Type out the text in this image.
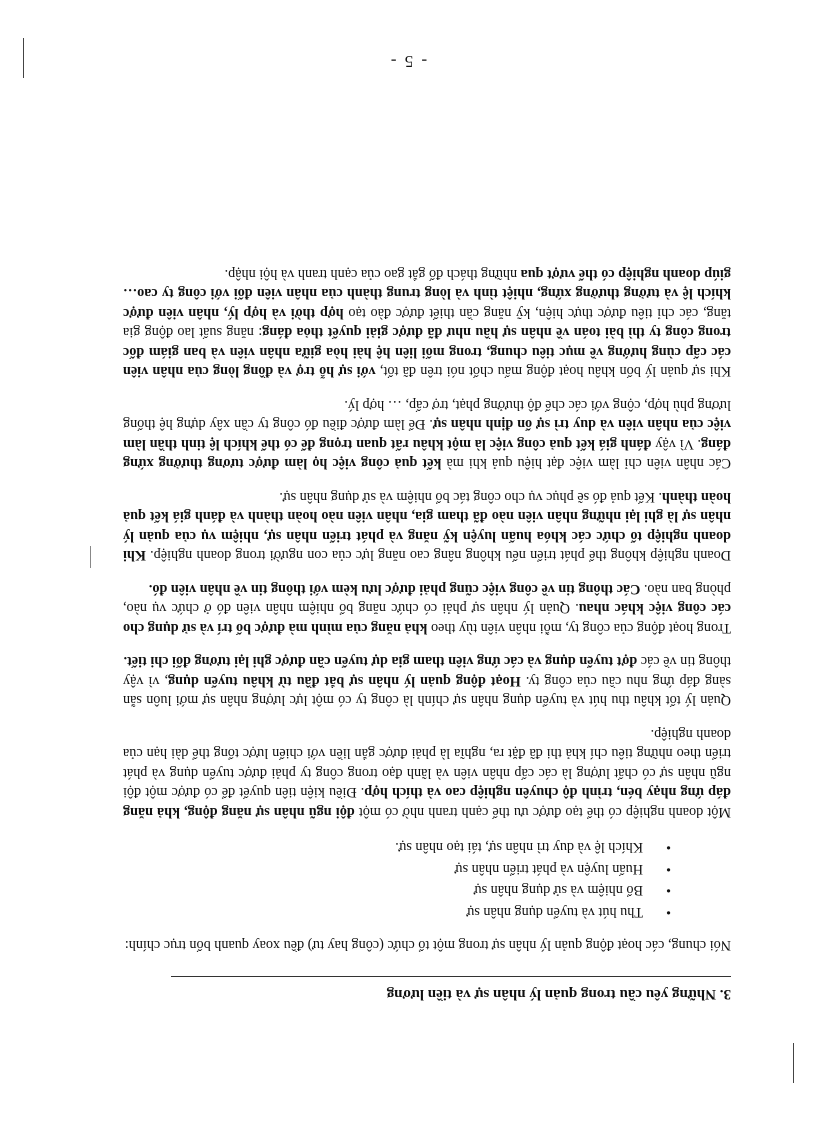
3. Những yêu cầu trong quản lý nhân sự và tiền lương

Nói chung, các hoạt động quản lý nhân sự trong một tổ chức (công hay tư) đều xoay quanh bốn trục chính:

• Thu hút và tuyển dụng nhân sự
• Bổ nhiệm và sử dụng nhân sự
• Huấn luyện và phát triển nhân sự
• Khích lệ và duy trì nhân sự, tái tạo nhân sự.

Một doanh nghiệp có thể tạo được ưu thế cạnh tranh nhờ có một đội ngũ nhân sự năng động, khả năng đáp ứng nhạy bén, trình độ chuyên nghiệp cao và thích hợp. Điều kiện tiên quyết để có được một đội ngũ nhân sự có chất lượng là các cấp nhân viên và lãnh đạo trong công ty phải được tuyển dụng và phát triển theo những tiêu chí khả thi đã đặt ra, nghĩa là phải được gắn liền với chiến lược tổng thể dài hạn của doanh nghiệp.

Quản lý tốt khâu thu hút và tuyển dụng nhân sự chính là công ty có một lực lượng nhân sự mới luôn sẵn sàng đáp ứng nhu cầu của công ty. Hoạt động quản lý nhân sự bắt đầu từ khâu tuyển dụng, vì vậy thông tin về các đợt tuyển dụng và các ứng viên tham gia dự tuyển cần được ghi lại tương đối chi tiết.

Trong hoạt động của công ty, mỗi nhân viên tùy theo khả năng của mình mà được bố trí và sử dụng cho các công việc khác nhau. Quản lý nhân sự phải có chức năng bổ nhiệm nhân viên đó ở chức vụ nào, phòng ban nào. Các thông tin về công việc cũng phải được lưu kèm với thông tin về nhân viên đó.

Doanh nghiệp không thể phát triển nếu không nâng cao năng lực của con người trong doanh nghiệp. Khi doanh nghiệp tổ chức các khóa huấn luyện kỹ năng và phát triển nhân sự, nhiệm vụ của quản lý nhân sự là ghi lại những nhân viên nào đã tham gia, nhân viên nào hoàn thành và đánh giá kết quả hoàn thành. Kết quả đó sẽ phục vụ cho công tác bổ nhiệm và sử dụng nhân sự.

Các nhân viên chỉ làm việc đạt hiệu quả khi mà kết quả công việc họ làm được tương thưởng xứng đáng. Vì vậy đánh giá kết quả công việc là một khâu rất quan trọng để có thể khích lệ tinh thần làm việc của nhân viên và duy trì sự ổn định nhân sự. Để làm được điều đó công ty cần xây dựng hệ thống lương phù hợp, cộng với các chế độ thưởng phạt, trợ cấp, … hợp lý.

Khi sự quản lý bốn khâu hoạt động mấu chốt nói trên đã tốt, với sự hỗ trợ và đồng lòng của nhân viên các cấp cùng hướng về mục tiêu chung, trong mối liên hệ hài hòa giữa nhân viên và ban giám đốc trong công ty thì bài toán về nhân sự hầu như đã được giải quyết thỏa đáng: năng suất lao động gia tăng, các chỉ tiêu được thực hiện, kỹ năng cần thiết được đào tạo hợp thời và hợp lý, nhân viên được khích lệ và tưởng thưởng xứng, nhiệt tình và lòng trung thành của nhân viên đối với công ty cao… giúp doanh nghiệp có thể vượt qua những thách đố gắt gao của cạnh tranh và hội nhập.

- 5 -
